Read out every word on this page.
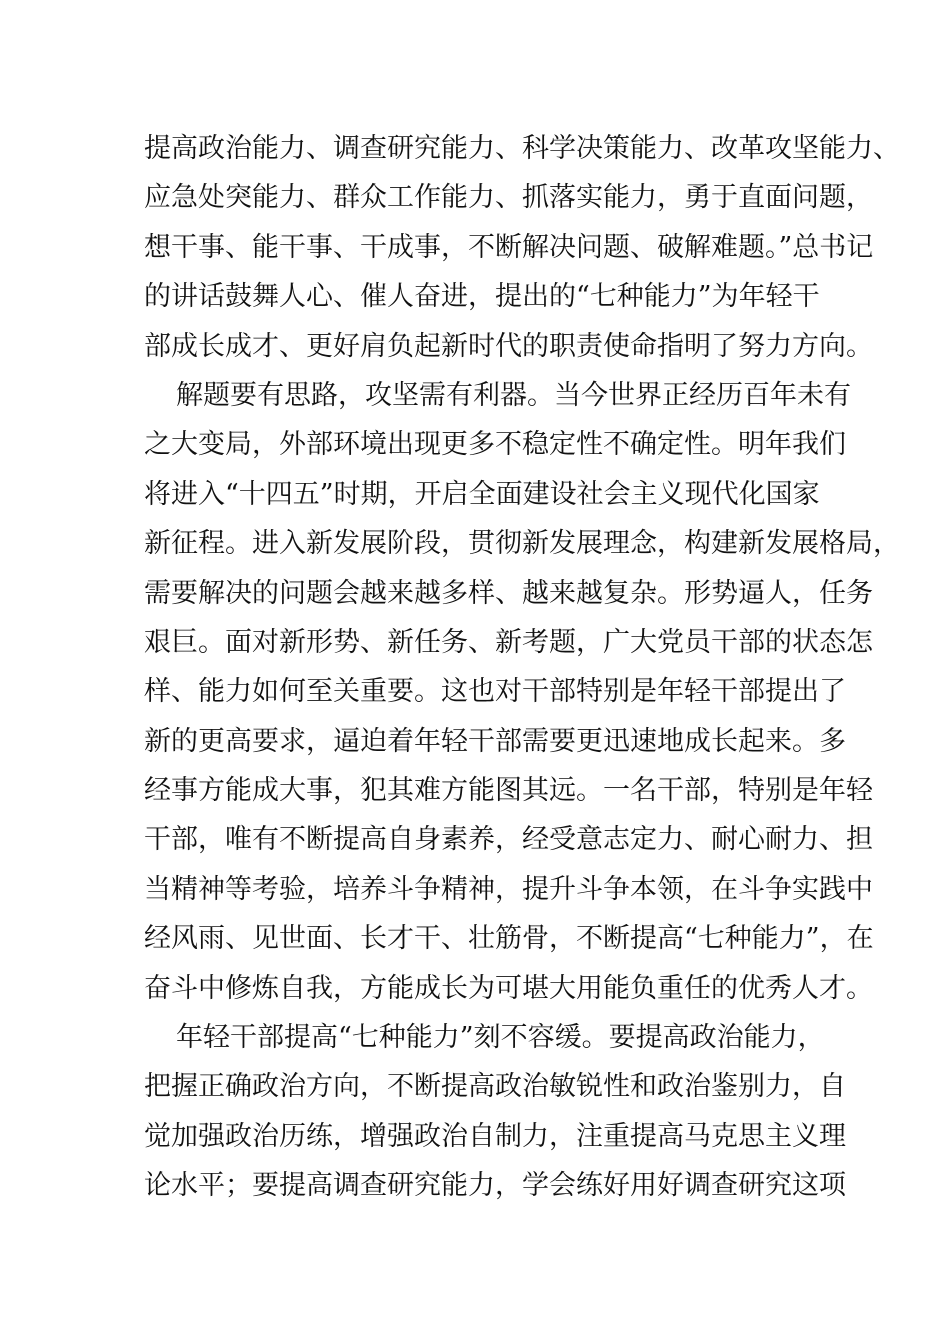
提高政治能力、调查研究能力、科学决策能力、改革攻坚能力、
应急处突能力、群众工作能力、抓落实能力，勇于直面问题，
想干事、能干事、干成事，不断解决问题、破解难题。”总书记
的讲话鼓舞人心、催人奋进，提出的“七种能力”为年轻干
部成长成才、更好肩负起新时代的职责使命指明了努力方向。
解题要有思路，攻坚需有利器。当今世界正经历百年未有
之大变局，外部环境出现更多不稳定性不确定性。明年我们
将进入“十四五”时期，开启全面建设社会主义现代化国家
新征程。进入新发展阶段，贯彻新发展理念，构建新发展格局，
需要解决的问题会越来越多样、越来越复杂。形势逼人，任务
艰巨。面对新形势、新任务、新考题，广大党员干部的状态怎
样、能力如何至关重要。这也对干部特别是年轻干部提出了
新的更高要求，逼迫着年轻干部需要更迅速地成长起来。多
经事方能成大事，犯其难方能图其远。一名干部，特别是年轻
干部，唯有不断提高自身素养，经受意志定力、耐心耐力、担
当精神等考验，培养斗争精神，提升斗争本领，在斗争实践中
经风雨、见世面、长才干、壮筋骨，不断提高“七种能力”，在
奋斗中修炼自我，方能成长为可堪大用能负重任的优秀人才。
年轻干部提高“七种能力”刻不容缓。要提高政治能力，
把握正确政治方向，不断提高政治敏锐性和政治鉴别力，自
觉加强政治历练，增强政治自制力，注重提高马克思主义理
论水平；要提高调查研究能力，学会练好用好调查研究这项
